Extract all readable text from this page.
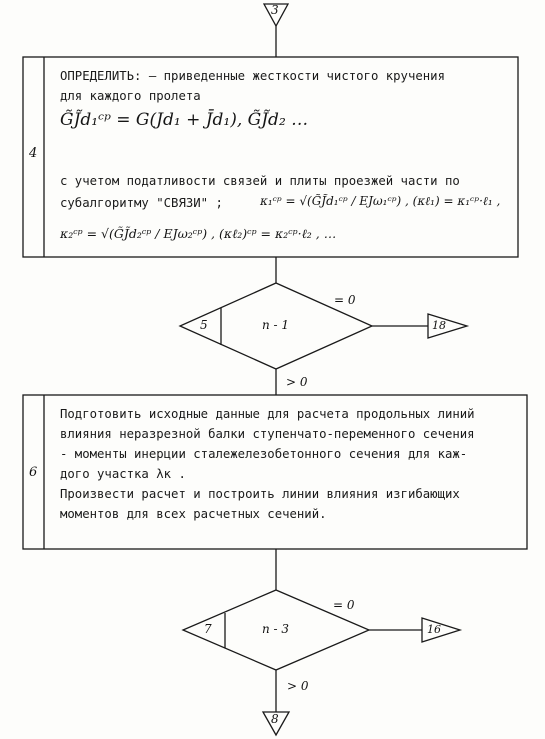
3
4
ОПРЕДЕЛИТЬ: – приведенные жесткости чистого кручения
для каждого пролета
G̃J̃d₁ᶜᵖ = G(Jd₁ + J̄d₁), G̃J̃d₂ …
с учетом податливости связей и плиты проезжей части по
субалгоритму "СВЯЗИ" ;	κ₁ᶜᵖ = √(G̃J̃d₁ᶜᵖ / EJω₁ᶜᵖ) , (κℓ₁) = κ₁ᶜᵖ·ℓ₁ ,
κ₂ᶜᵖ = √(G̃J̃d₂ᶜᵖ / EJω₂ᶜᵖ) , (κℓ₂)ᶜᵖ = κ₂ᶜᵖ·ℓ₂ , …
5	n - 1
= 0
18
> 0
6
Подготовить исходные данные для расчета продольных линий
влияния неразрезной балки ступенчато-переменного сечения
- моменты инерции сталежелезобетонного сечения для каж-
дого участка λк .
Произвести расчет и построить линии влияния изгибающих
моментов для всех расчетных сечений.
7	n - 3
= 0
16
> 0
8
